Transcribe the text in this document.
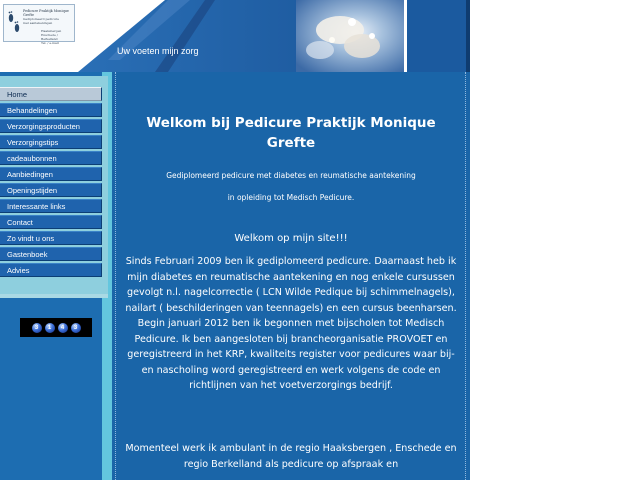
Pedicure Praktijk Monique Grefte
Gediplomeerd pedicure
met aantekeningen
Haaksbergen
Enschede / Berkelland
Tel. / e-mail
Uw voeten mijn zorg
Home
Behandelingen
Verzorgingsproducten
Verzorgingstips
cadeaubonnen
Aanbiedingen
Openingstijden
Interessante links
Contact
Zo vindt u ons
Gastenboek
Advies
3	1	4	3
Welkom bij Pedicure Praktijk Monique Grefte

Gediplomeerd pedicure met diabetes en reumatische aantekening

in opleiding tot Medisch Pedicure.

Welkom op mijn site!!!

Sinds Februari 2009 ben ik gediplomeerd pedicure. Daarnaast heb ik mijn diabetes en reumatische aantekening en nog enkele cursussen gevolgt n.l. nagelcorrectie ( LCN Wilde Pedique bij schimmelnagels), nailart ( beschilderingen van teennagels) en een cursus beenharsen. Begin januari 2012 ben ik begonnen met bijscholen tot Medisch Pedicure. Ik ben aangesloten bij brancheorganisatie PROVOET en geregistreerd in het KRP, kwaliteits register voor pedicures waar bij- en nascholing word geregistreerd en werk volgens de code en richtlijnen van het voetverzorgings bedrijf.

Momenteel werk ik ambulant in de regio Haaksbergen , Enschede en regio Berkelland als pedicure op afspraak en
